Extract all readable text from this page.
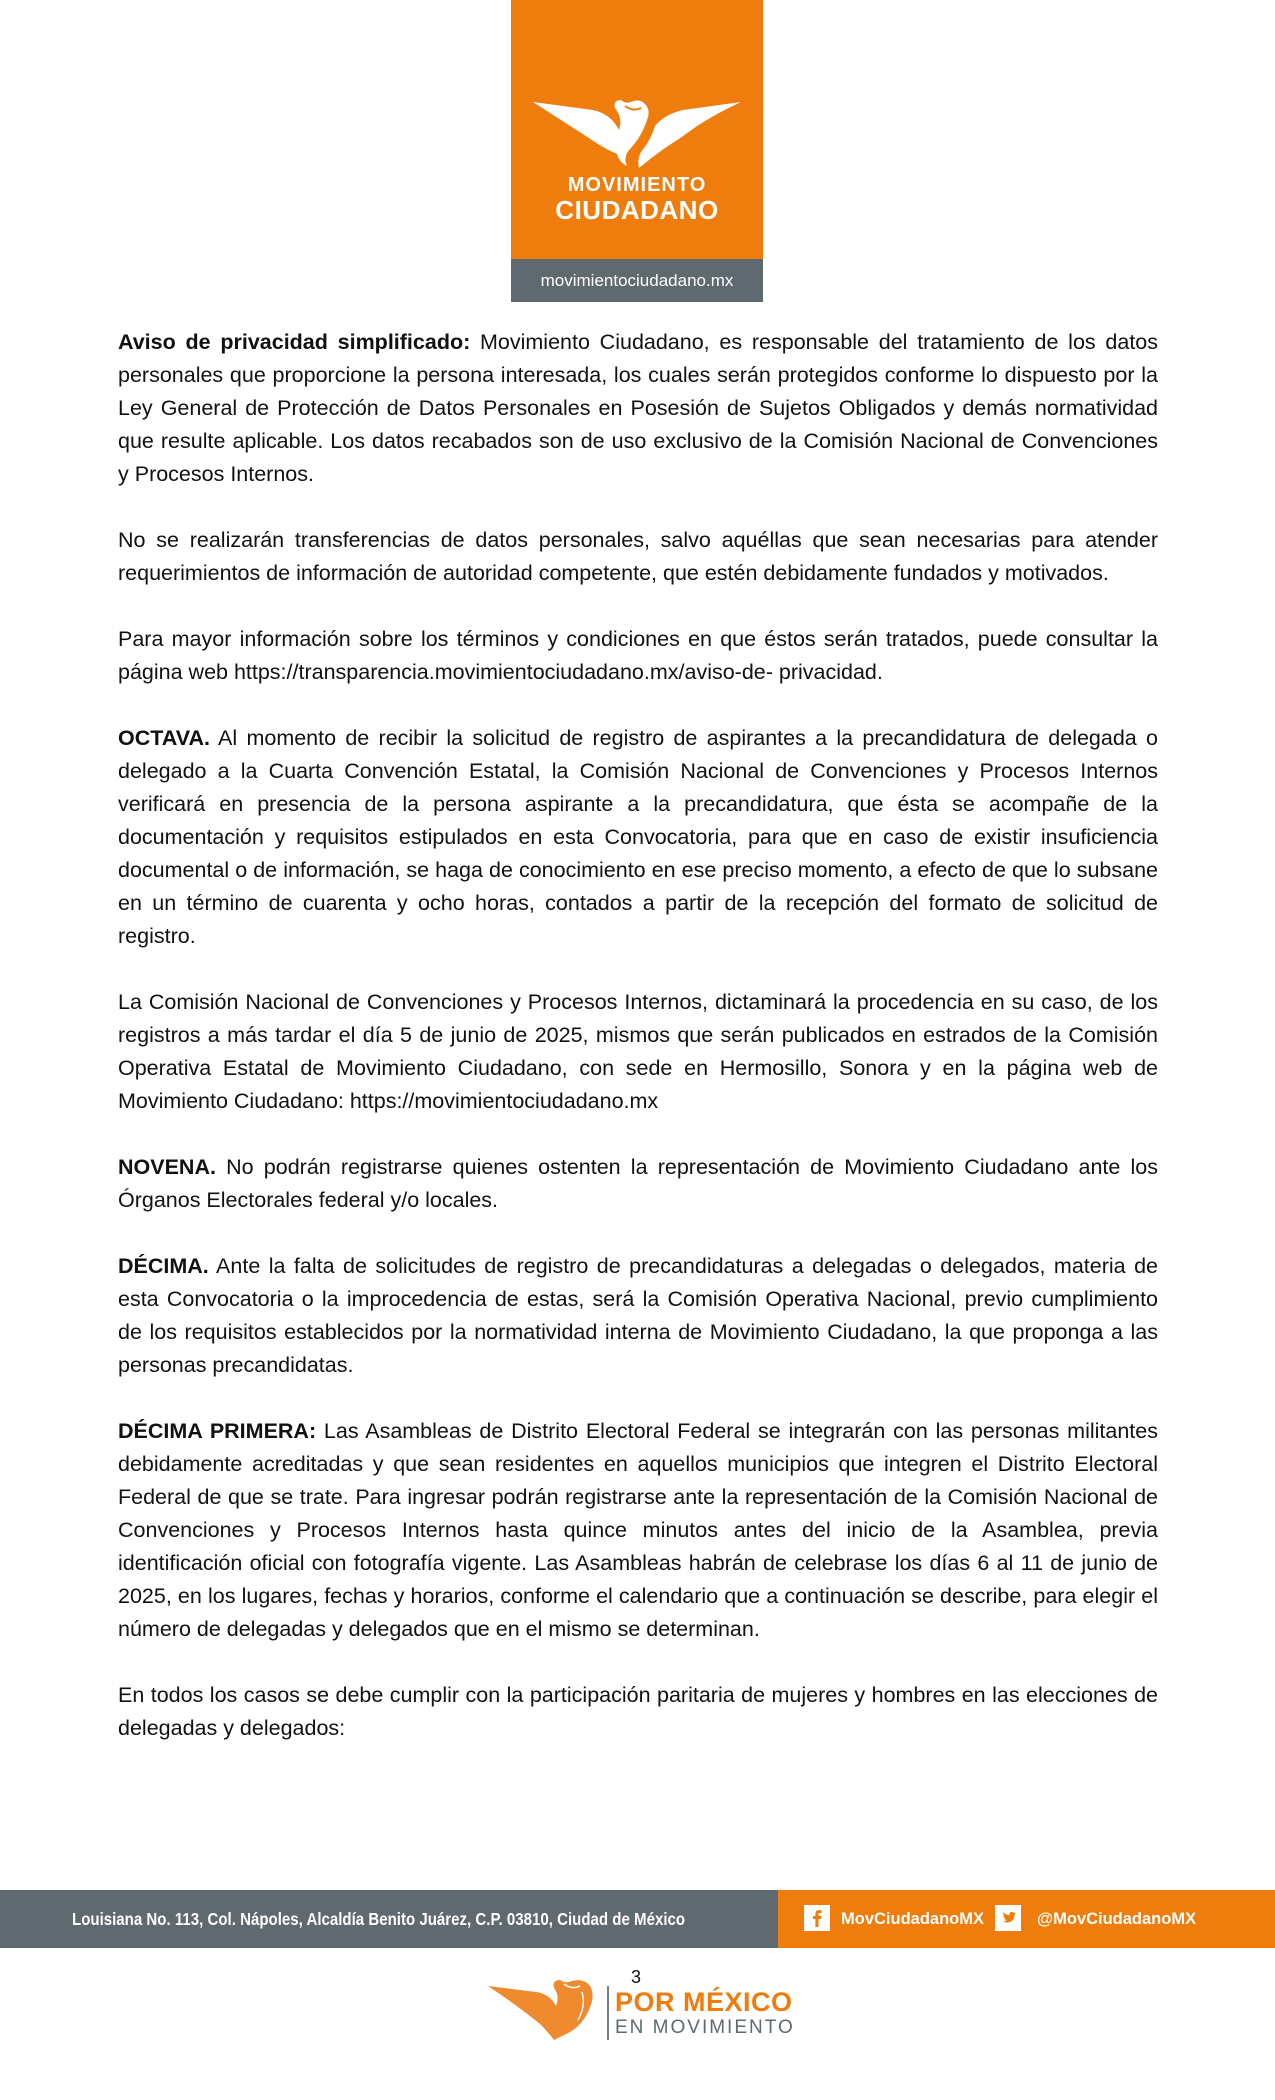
MOVIMIENTO
CIUDADANO
movimientociudadano.mx

Aviso de privacidad simplificado: Movimiento Ciudadano, es responsable del tratamiento de los datos personales que proporcione la persona interesada, los cuales serán protegidos conforme lo dispuesto por la Ley General de Protección de Datos Personales en Posesión de Sujetos Obligados y demás normatividad que resulte aplicable. Los datos recabados son de uso exclusivo de la Comisión Nacional de Convenciones y Procesos Internos.

No se realizarán transferencias de datos personales, salvo aquéllas que sean necesarias para atender requerimientos de información de autoridad competente, que estén debidamente fundados y motivados.

Para mayor información sobre los términos y condiciones en que éstos serán tratados, puede consultar la página web https://transparencia.movimientociudadano.mx/aviso-de- privacidad.

OCTAVA. Al momento de recibir la solicitud de registro de aspirantes a la precandidatura de delegada o delegado a la Cuarta Convención Estatal, la Comisión Nacional de Convenciones y Procesos Internos verificará en presencia de la persona aspirante a la precandidatura, que ésta se acompañe de la documentación y requisitos estipulados en esta Convocatoria, para que en caso de existir insuficiencia documental o de información, se haga de conocimiento en ese preciso momento, a efecto de que lo subsane en un término de cuarenta y ocho horas, contados a partir de la recepción del formato de solicitud de registro.

La Comisión Nacional de Convenciones y Procesos Internos, dictaminará la procedencia en su caso, de los registros a más tardar el día 5 de junio de 2025, mismos que serán publicados en estrados de la Comisión Operativa Estatal de Movimiento Ciudadano, con sede en Hermosillo, Sonora y en la página web de Movimiento Ciudadano: https://movimientociudadano.mx

NOVENA. No podrán registrarse quienes ostenten la representación de Movimiento Ciudadano ante los Órganos Electorales federal y/o locales.

DÉCIMA. Ante la falta de solicitudes de registro de precandidaturas a delegadas o delegados, materia de esta Convocatoria o la improcedencia de estas, será la Comisión Operativa Nacional, previo cumplimiento de los requisitos establecidos por la normatividad interna de Movimiento Ciudadano, la que proponga a las personas precandidatas.

DÉCIMA PRIMERA: Las Asambleas de Distrito Electoral Federal se integrarán con las personas militantes debidamente acreditadas y que sean residentes en aquellos municipios que integren el Distrito Electoral Federal de que se trate. Para ingresar podrán registrarse ante la representación de la Comisión Nacional de Convenciones y Procesos Internos hasta quince minutos antes del inicio de la Asamblea, previa identificación oficial con fotografía vigente. Las Asambleas habrán de celebrase los días 6 al 11 de junio de 2025, en los lugares, fechas y horarios, conforme el calendario que a continuación se describe, para elegir el número de delegadas y delegados que en el mismo se determinan.

En todos los casos se debe cumplir con la participación paritaria de mujeres y hombres en las elecciones de delegadas y delegados:

Louisiana No. 113, Col. Nápoles, Alcaldía Benito Juárez, C.P. 03810, Ciudad de México	MovCiudadanoMX	@MovCiudadanoMX
3
POR MÉXICO
EN MOVIMIENTO
